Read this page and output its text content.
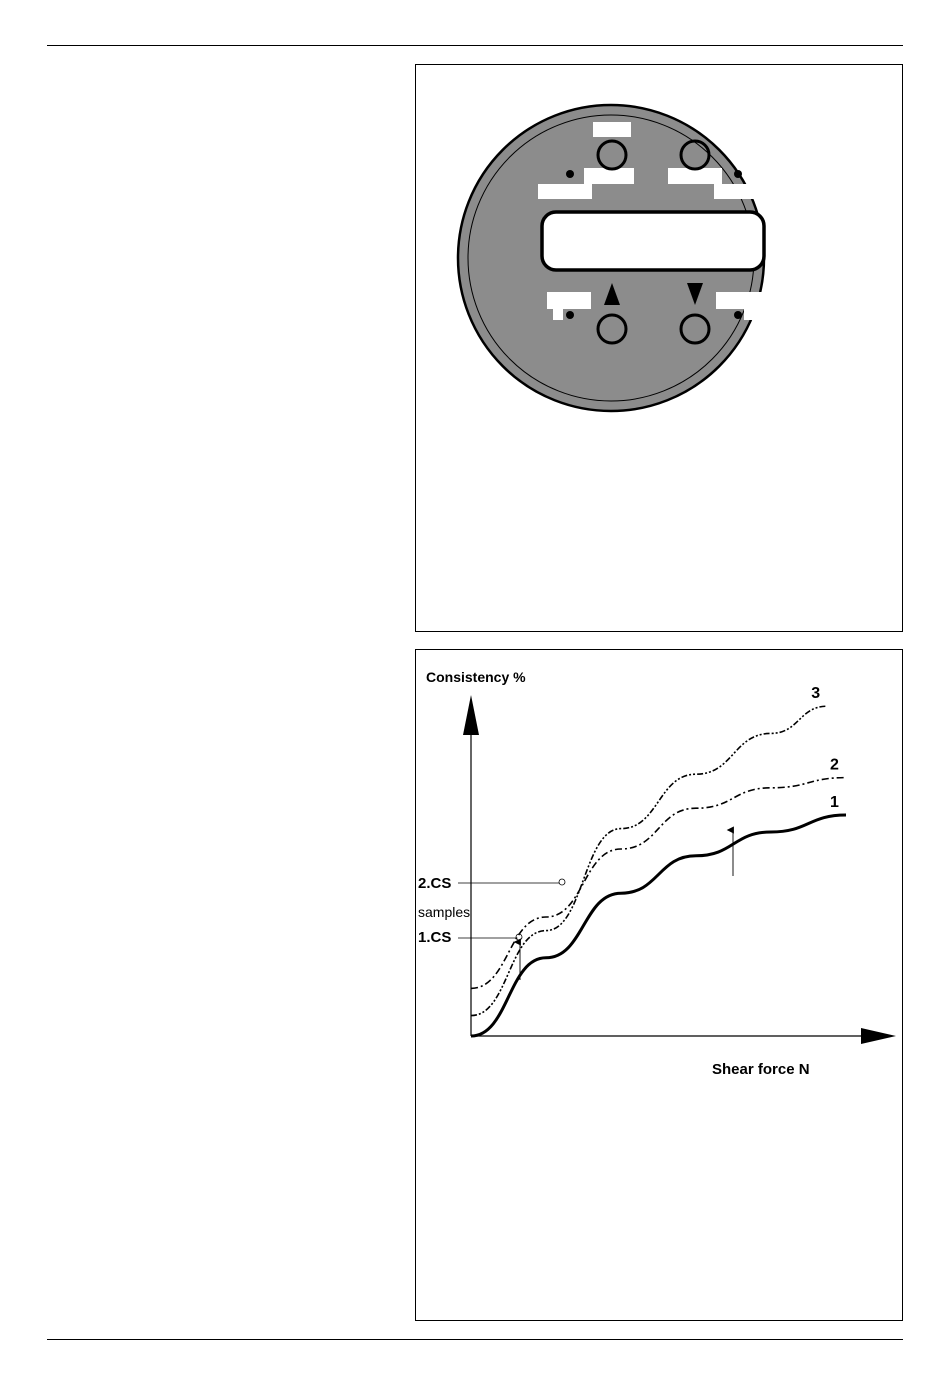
Consistency %
Shear force N
2.CS
samples
1.CS
1
2
3
